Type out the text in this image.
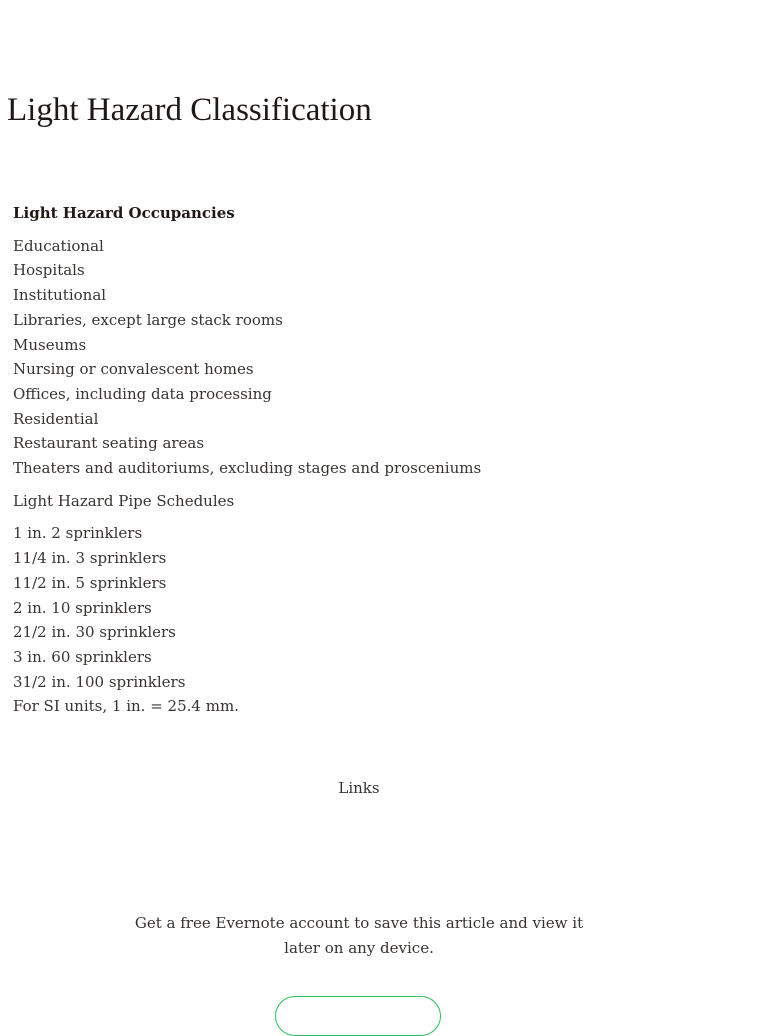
Light Hazard Classification
Light Hazard Occupancies
Educational
Hospitals
Institutional
Libraries, except large stack rooms
Museums
Nursing or convalescent homes
Offices, including data processing
Residential
Restaurant seating areas
Theaters and auditoriums, excluding stages and prosceniums
Light Hazard Pipe Schedules
1 in. 2 sprinklers
11/4 in. 3 sprinklers
11/2 in. 5 sprinklers
2 in. 10 sprinklers
21/2 in. 30 sprinklers
3 in. 60 sprinklers
31/2 in. 100 sprinklers
For SI units, 1 in. = 25.4 mm.
Links
Get a free Evernote account to save this article and view it later on any device.
